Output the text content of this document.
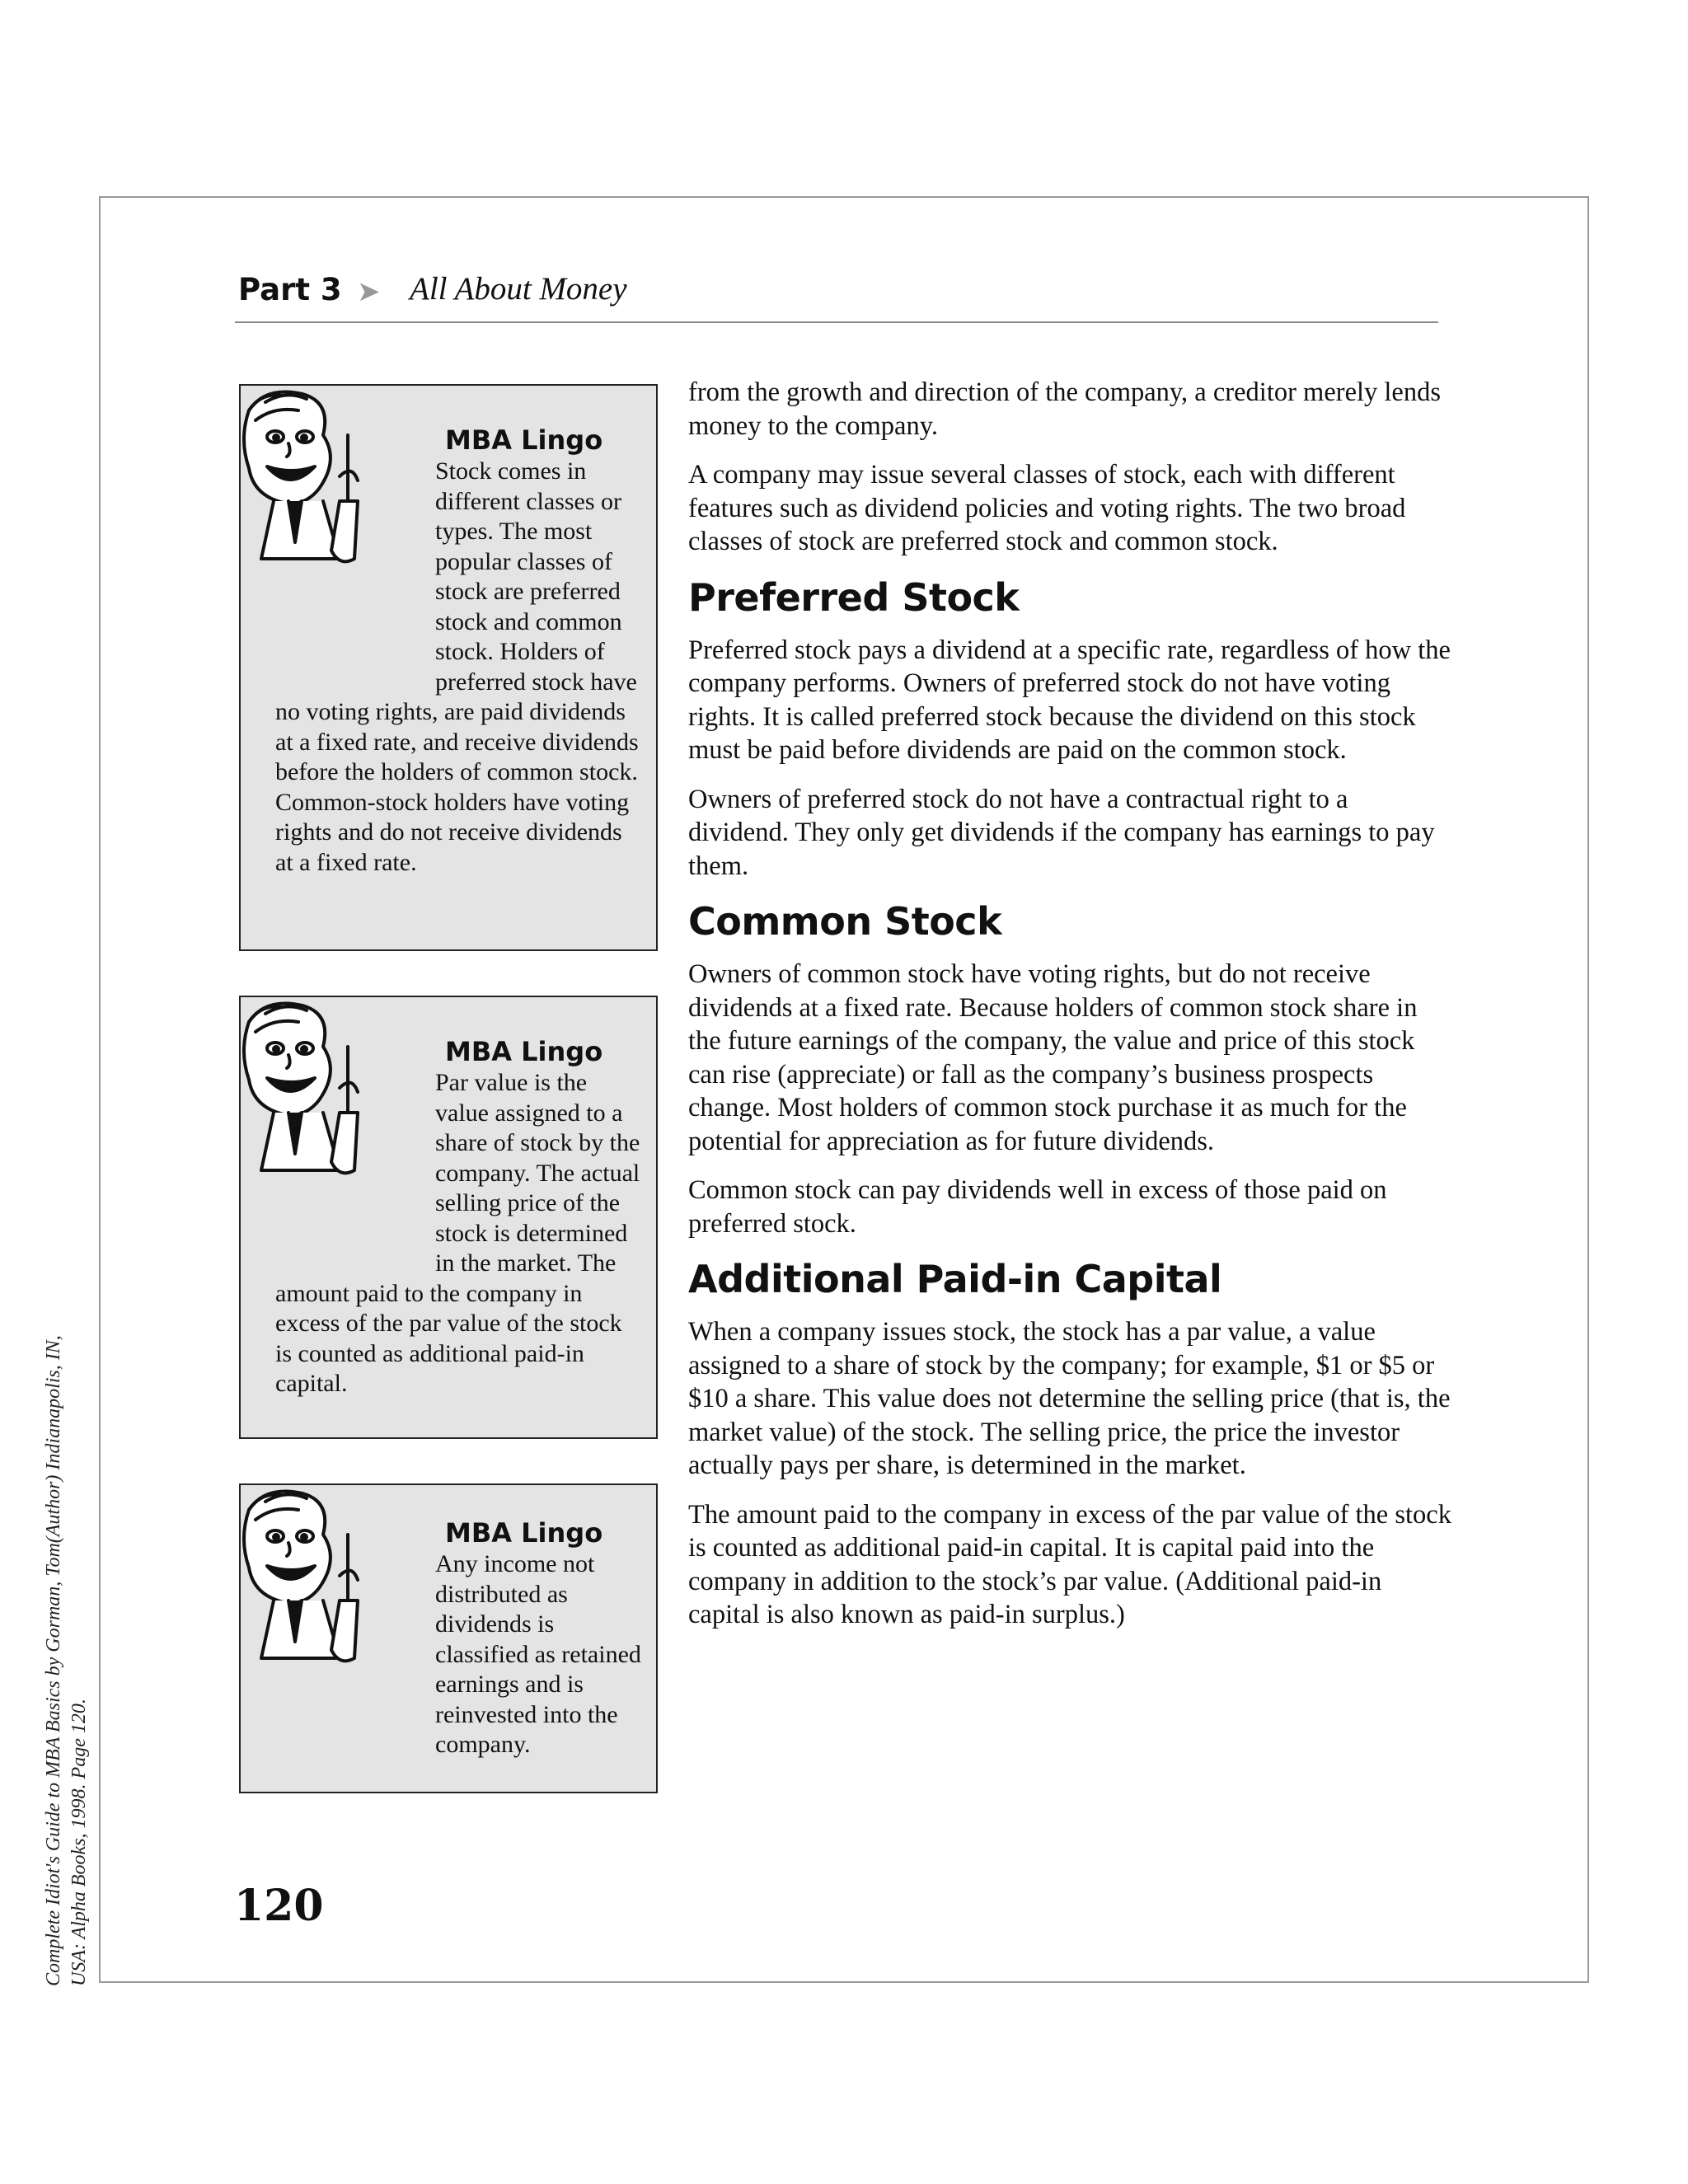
Complete Idiot's Guide to MBA Basics by Gorman, Tom(Author) Indianapolis, IN, USA: Alpha Books, 1998. Page 120.
Part 3 ➤ All About Money
MBA Lingo
Stock comes in different classes or types. The most popular classes of stock are preferred stock and common stock. Holders of preferred stock have no voting rights, are paid dividends at a fixed rate, and receive dividends before the holders of common stock. Common-stock holders have voting rights and do not receive dividends at a fixed rate.
MBA Lingo
Par value is the value assigned to a share of stock by the company. The actual selling price of the stock is determined in the market. The amount paid to the company in excess of the par value of the stock is counted as additional paid-in capital.
MBA Lingo
Any income not distributed as dividends is classified as retained earnings and is reinvested into the company.

from the growth and direction of the company, a creditor merely lends money to the company.

A company may issue several classes of stock, each with different features such as dividend policies and voting rights. The two broad classes of stock are preferred stock and common stock.

Preferred Stock

Preferred stock pays a dividend at a specific rate, regardless of how the company performs. Owners of preferred stock do not have voting rights. It is called preferred stock because the dividend on this stock must be paid before dividends are paid on the common stock.

Owners of preferred stock do not have a contractual right to a dividend. They only get dividends if the company has earnings to pay them.

Common Stock

Owners of common stock have voting rights, but do not receive dividends at a fixed rate. Because holders of common stock share in the future earnings of the company, the value and price of this stock can rise (appreciate) or fall as the company’s business prospects change. Most holders of common stock purchase it as much for the potential for appreciation as for future dividends.

Common stock can pay dividends well in excess of those paid on preferred stock.

Additional Paid-in Capital

When a company issues stock, the stock has a par value, a value assigned to a share of stock by the company; for example, $1 or $5 or $10 a share. This value does not determine the selling price (that is, the market value) of the stock. The selling price, the price the investor actually pays per share, is determined in the market.

The amount paid to the company in excess of the par value of the stock is counted as additional paid-in capital. It is capital paid into the company in addition to the stock’s par value. (Additional paid-in capital is also known as paid-in surplus.)

120
